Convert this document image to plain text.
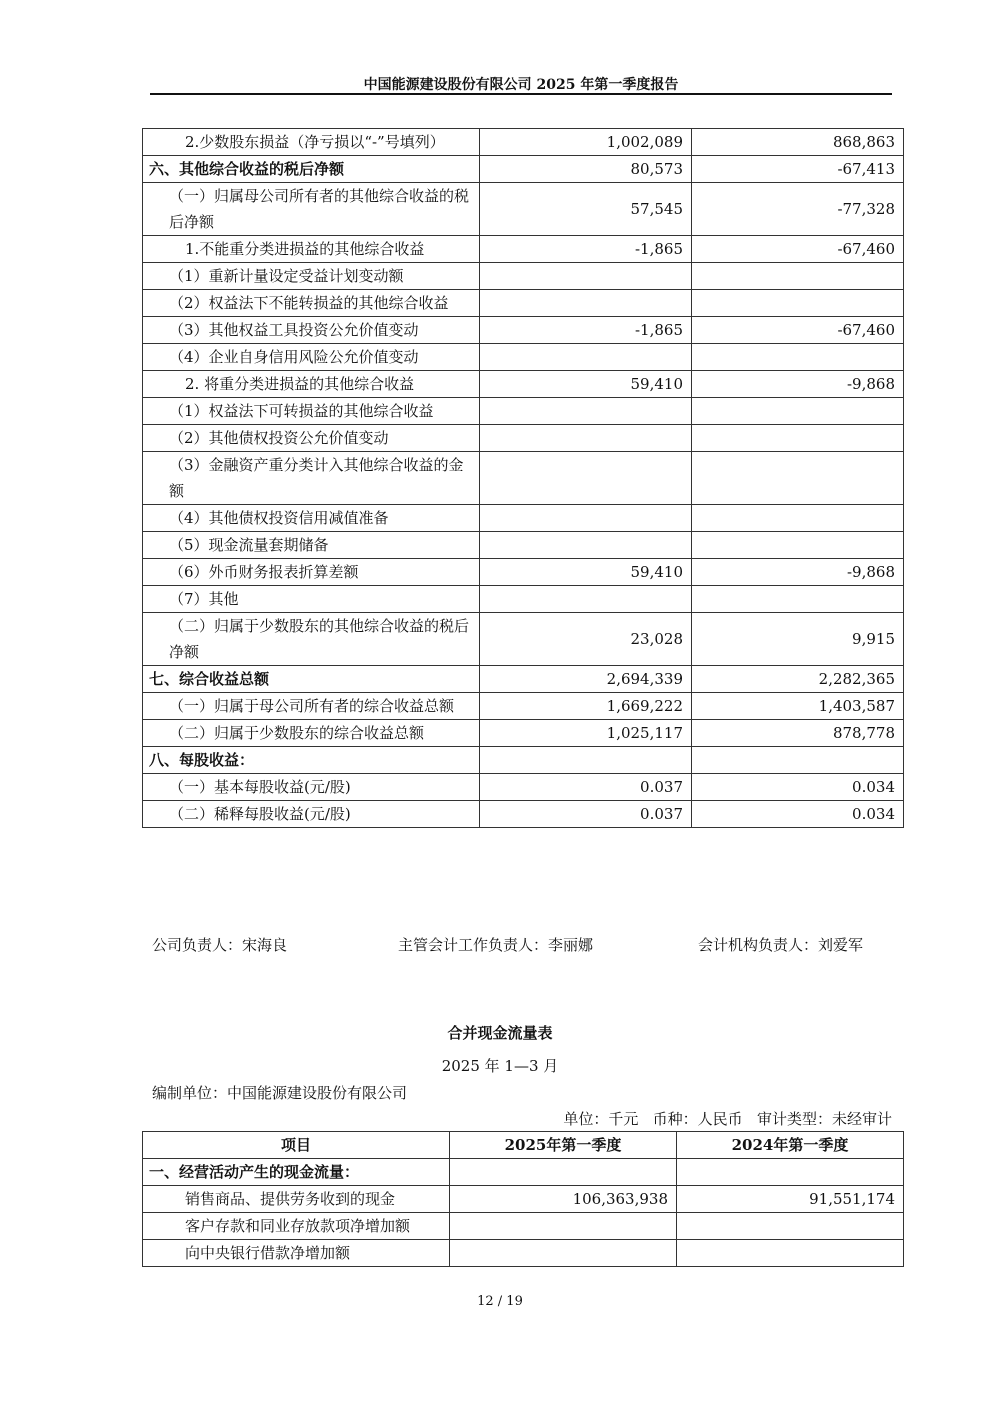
中国能源建设股份有限公司 2025 年第一季度报告
2.少数股东损益（净亏损以“-”号填列）	1,002,089	868,863
六、其他综合收益的税后净额	80,573	-67,413
（一）归属母公司所有者的其他综合收益的税后净额	57,545	-77,328
1.不能重分类进损益的其他综合收益	-1,865	-67,460
（1）重新计量设定受益计划变动额		
（2）权益法下不能转损益的其他综合收益		
（3）其他权益工具投资公允价值变动	-1,865	-67,460
（4）企业自身信用风险公允价值变动		
2. 将重分类进损益的其他综合收益	59,410	-9,868
（1）权益法下可转损益的其他综合收益		
（2）其他债权投资公允价值变动		
（3）金融资产重分类计入其他综合收益的金额		
（4）其他债权投资信用减值准备		
（5）现金流量套期储备		
（6）外币财务报表折算差额	59,410	-9,868
（7）其他		
（二）归属于少数股东的其他综合收益的税后净额	23,028	9,915
七、综合收益总额	2,694,339	2,282,365
（一）归属于母公司所有者的综合收益总额	1,669,222	1,403,587
（二）归属于少数股东的综合收益总额	1,025,117	878,778
八、每股收益：		
（一）基本每股收益(元/股)	0.037	0.034
（二）稀释每股收益(元/股)	0.037	0.034
公司负责人：宋海良	主管会计工作负责人：李丽娜	会计机构负责人：刘爱军
合并现金流量表
2025 年 1—3 月
编制单位：中国能源建设股份有限公司
单位：千元   币种：人民币   审计类型：未经审计
项目	2025年第一季度	2024年第一季度
一、经营活动产生的现金流量：		
销售商品、提供劳务收到的现金	106,363,938	91,551,174
客户存款和同业存放款项净增加额		
向中央银行借款净增加额		
12 / 19
